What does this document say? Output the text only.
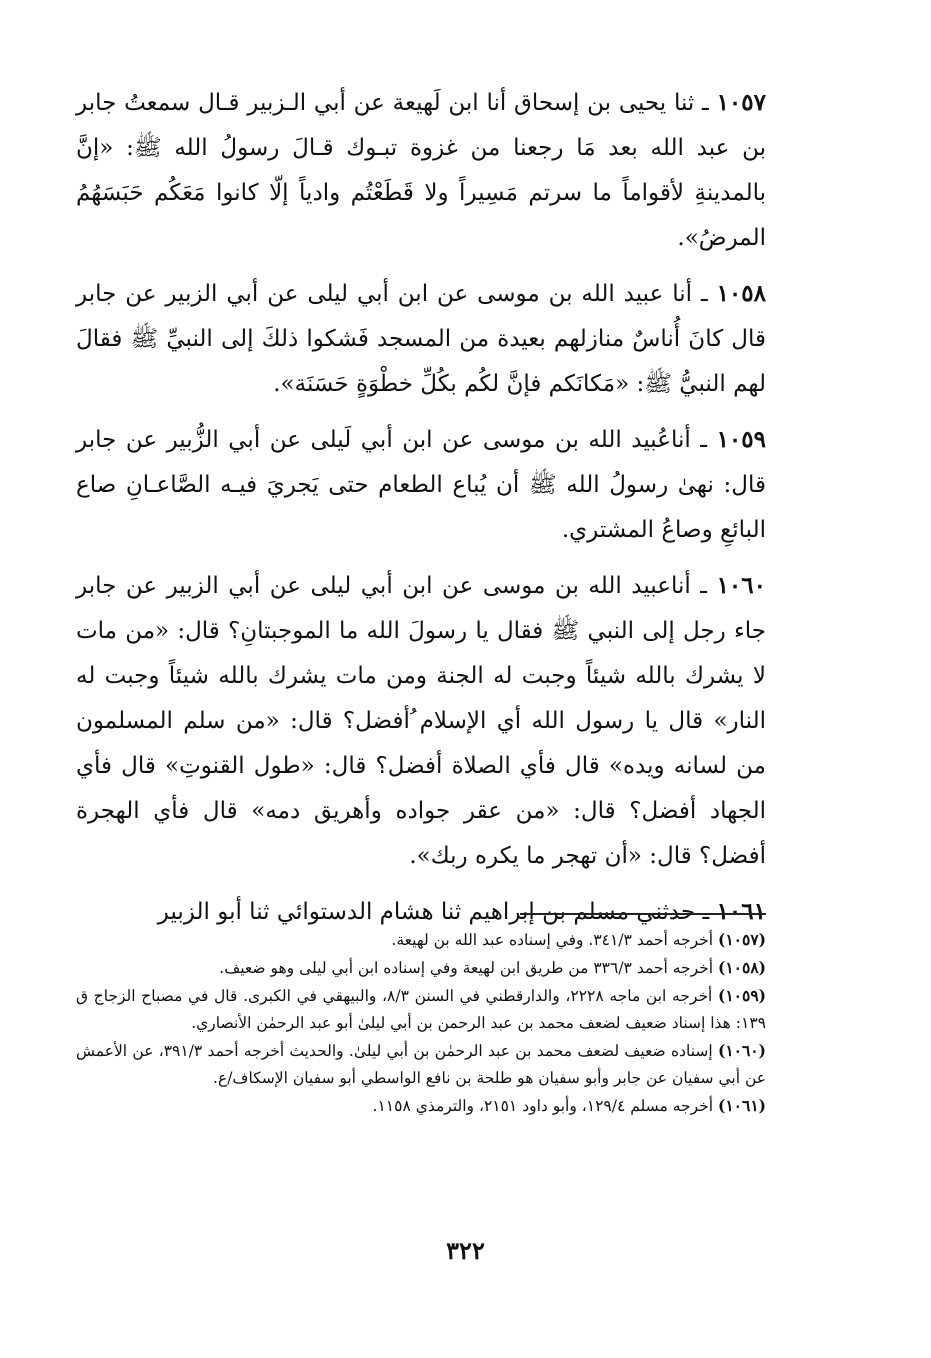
١٠٥٧ ـ ثنا يحيى بن إسحاق أنا ابن لَهيعة عن أبي الـزبير قـال سمعتُ جابر بن عبد الله بعد مَا رجعنا من غزوة تبـوك قـالَ رسولُ الله ﷺ: «إنَّ بالمدينةِ لأقواماً ما سرتم مَسِيراً ولا قَطَعْتُم وادياً إلّا كانوا مَعَكُم حَبَسَهُمُ المرضُ».

١٠٥٨ ـ أنا عبيد الله بن موسى عن ابن أبي ليلى عن أبي الزبير عن جابر قال كانَ أُناسٌ منازلهم بعيدة من المسجد فَشكوا ذلكَ إلى النبيِّ ﷺ فقالَ لهم النبيُّ ﷺ: «مَكانَكم فإنَّ لكُم بكُلِّ خطْوَةٍ حَسَنَة».

١٠٥٩ ـ أناعُبيد الله بن موسى عن ابن أبي لَيلى عن أبي الزُّبير عن جابر قال: نهىٰ رسولُ الله ﷺ أن يُباع الطعام حتى يَجريَ فيـه الصَّاعـانِ صاع البائعِ وصاعُ المشتري.

١٠٦٠ ـ أناعبيد الله بن موسى عن ابن أبي ليلى عن أبي الزبير عن جابر جاء رجل إلى النبي ﷺ فقال يا رسولَ الله ما الموجبتانِ؟ قال: «من مات لا يشرك بالله شيئاً وجبت له الجنة ومن مات يشرك بالله شيئاً وجبت له النار» قال يا رسول الله أي الإسلام ُأفضل؟ قال: «من سلم المسلمون من لسانه ويده» قال فأي الصلاة أفضل؟ قال: «طول القنوتِ» قال فأي الجهاد أفضل؟ قال: «من عقر جواده وأهريق دمه» قال فأي الهجرة أفضل؟ قال: «أن تهجر ما يكره ربك».

١٠٦١ ـ حدثني مسلم بن إبراهيم ثنا هشام الدستوائي ثنا أبو الزبير

(١٠٥٧) أخرجه أحمد ٣٤١/٣. وفي إسناده عبد الله بن لهيعة.

(١٠٥٨) أخرجه أحمد ٣٣٦/٣ من طريق ابن لهيعة وفي إسناده ابن أبي ليلى وهو ضعيف.

(١٠٥٩) أخرجه ابن ماجه ٢٢٢٨، والدارقطني في السنن ٨/٣، والبيهقي في الكبرى. قال في مصباح الزجاج ق ١٣٩: هذا إسناد ضعيف لضعف محمد بن عبد الرحمن بن أبي ليلىٰ أبو عبد الرحمٰن الأنصاري.

(١٠٦٠) إسناده ضعيف لضعف محمد بن عبد الرحمٰن بن أبي ليلىٰ. والحديث أخرجه أحمد ٣٩١/٣، عن الأعمش عن أبي سفيان عن جابر وأبو سفيان هو طلحة بن نافع الواسطي أبو سفيان الإسكاف/ع.

(١٠٦١) أخرجه مسلم ١٢٩/٤، وأبو داود ٢١٥١، والترمذي ١١٥٨.

٣٢٢
